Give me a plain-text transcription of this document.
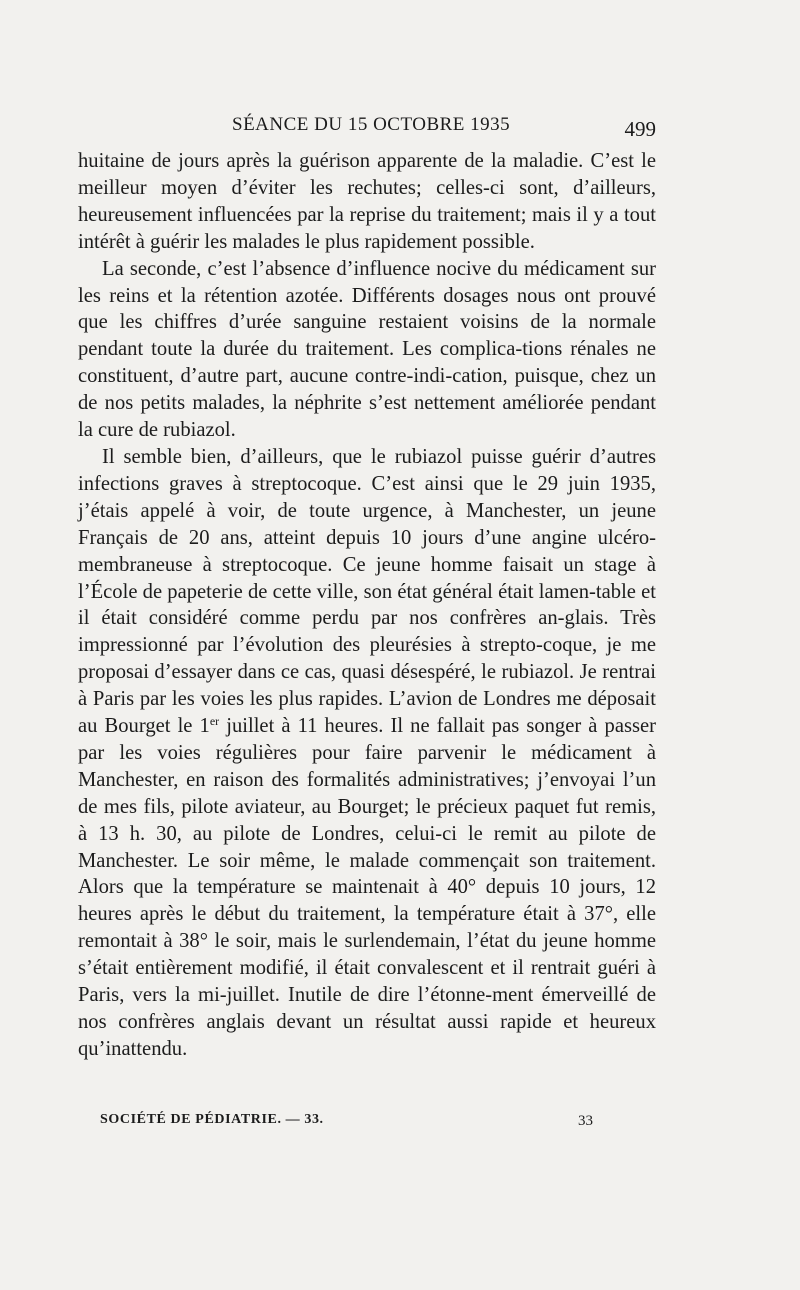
SÉANCE DU 15 OCTOBRE 1935	499

huitaine de jours après la guérison apparente de la maladie. C’est le meilleur moyen d’éviter les rechutes; celles-ci sont, d’ailleurs, heureusement influencées par la reprise du traitement; mais il y a tout intérêt à guérir les malades le plus rapidement possible.

La seconde, c’est l’absence d’influence nocive du médicament sur les reins et la rétention azotée. Différents dosages nous ont prouvé que les chiffres d’urée sanguine restaient voisins de la normale pendant toute la durée du traitement. Les complica-tions rénales ne constituent, d’autre part, aucune contre-indi-cation, puisque, chez un de nos petits malades, la néphrite s’est nettement améliorée pendant la cure de rubiazol.

Il semble bien, d’ailleurs, que le rubiazol puisse guérir d’autres infections graves à streptocoque. C’est ainsi que le 29 juin 1935, j’étais appelé à voir, de toute urgence, à Manchester, un jeune Français de 20 ans, atteint depuis 10 jours d’une angine ulcéro-membraneuse à streptocoque. Ce jeune homme faisait un stage à l’École de papeterie de cette ville, son état général était lamen-table et il était considéré comme perdu par nos confrères an-glais. Très impressionné par l’évolution des pleurésies à strepto-coque, je me proposai d’essayer dans ce cas, quasi désespéré, le rubiazol. Je rentrai à Paris par les voies les plus rapides. L’avion de Londres me déposait au Bourget le 1er juillet à 11 heures. Il ne fallait pas songer à passer par les voies régulières pour faire parvenir le médicament à Manchester, en raison des formalités administratives; j’envoyai l’un de mes fils, pilote aviateur, au Bourget; le précieux paquet fut remis, à 13 h. 30, au pilote de Londres, celui-ci le remit au pilote de Manchester. Le soir même, le malade commençait son traitement. Alors que la température se maintenait à 40° depuis 10 jours, 12 heures après le début du traitement, la température était à 37°, elle remontait à 38° le soir, mais le surlendemain, l’état du jeune homme s’était entièrement modifié, il était convalescent et il rentrait guéri à Paris, vers la mi-juillet. Inutile de dire l’étonne-ment émerveillé de nos confrères anglais devant un résultat aussi rapide et heureux qu’inattendu.

SOCIÉTÉ DE PÉDIATRIE. — 33.	33
